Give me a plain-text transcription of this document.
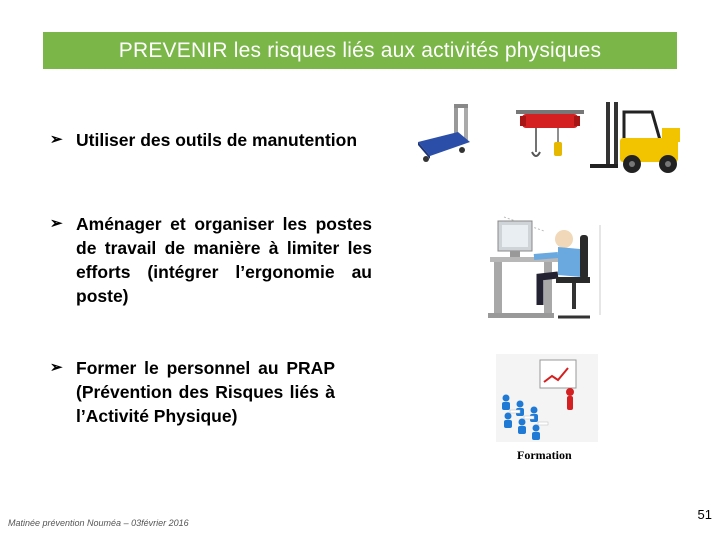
PREVENIR les risques liés aux activités physiques
➢ Utiliser des outils de manutention
➢ Aménager et organiser les postes de travail de manière à limiter les efforts (intégrer l’ergonomie au poste)
➢ Former le personnel au PRAP (Prévention des Risques liés à l’Activité Physique)
Formation
Matinée prévention Nouméa – 03février 2016
51
